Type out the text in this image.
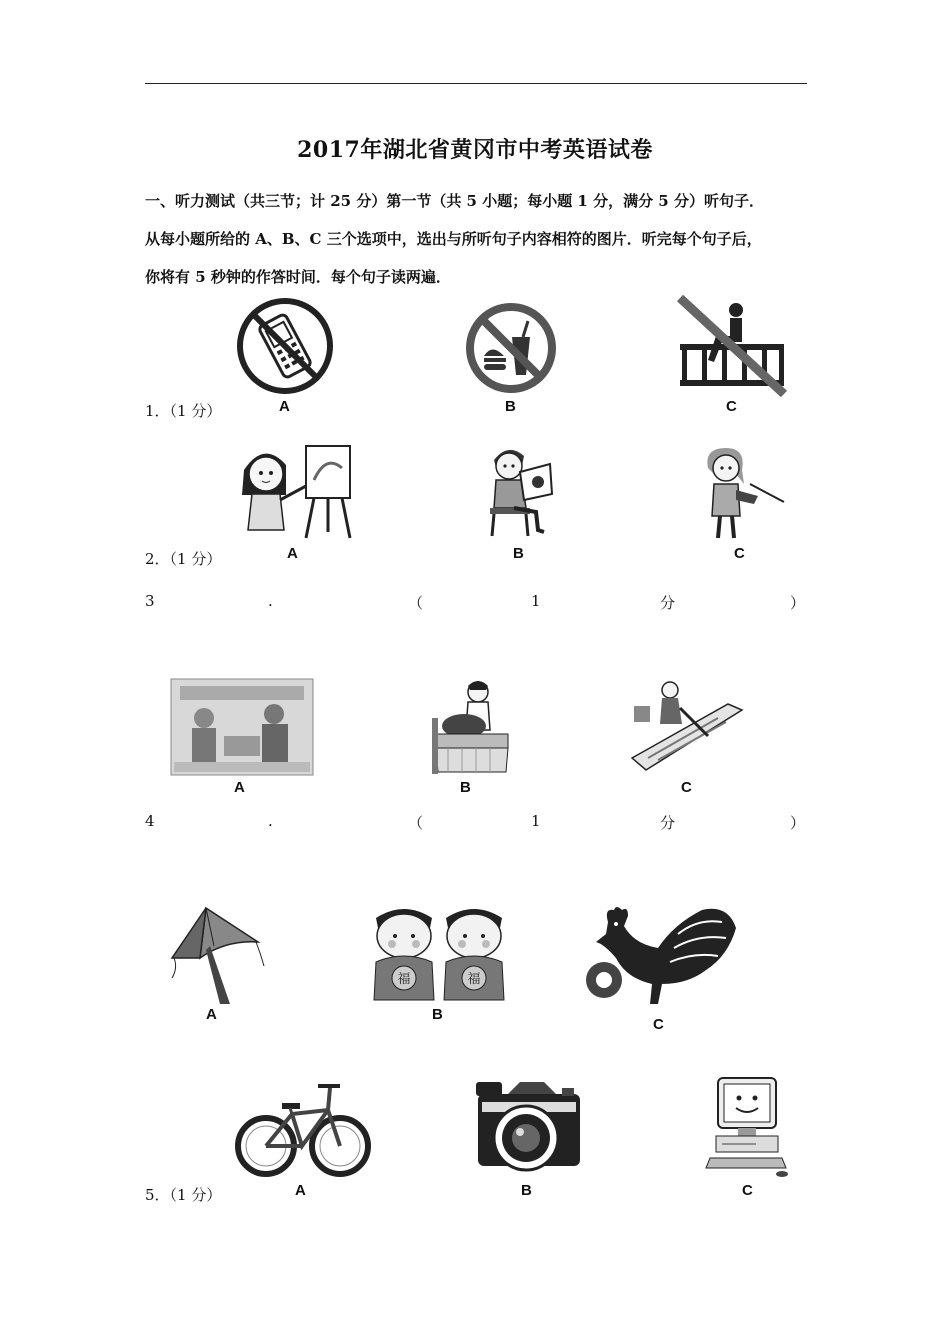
2017年湖北省黄冈市中考英语试卷
一、听力测试（共三节；计 25 分）第一节（共 5 小题；每小题 1 分，满分 5 分）听句子．
从每小题所给的 A、B、C 三个选项中，选出与所听句子内容相符的图片．听完每个句子后，
你将有 5 秒钟的作答时间．每个句子读两遍．
1．（1 分）	A	B	C
2．（1 分）	A	B	C
3	.	（	1	分	）
A	B	C
4	.	（	1	分	）
A
福	福
B
C
5．（1 分）	A	B	C
